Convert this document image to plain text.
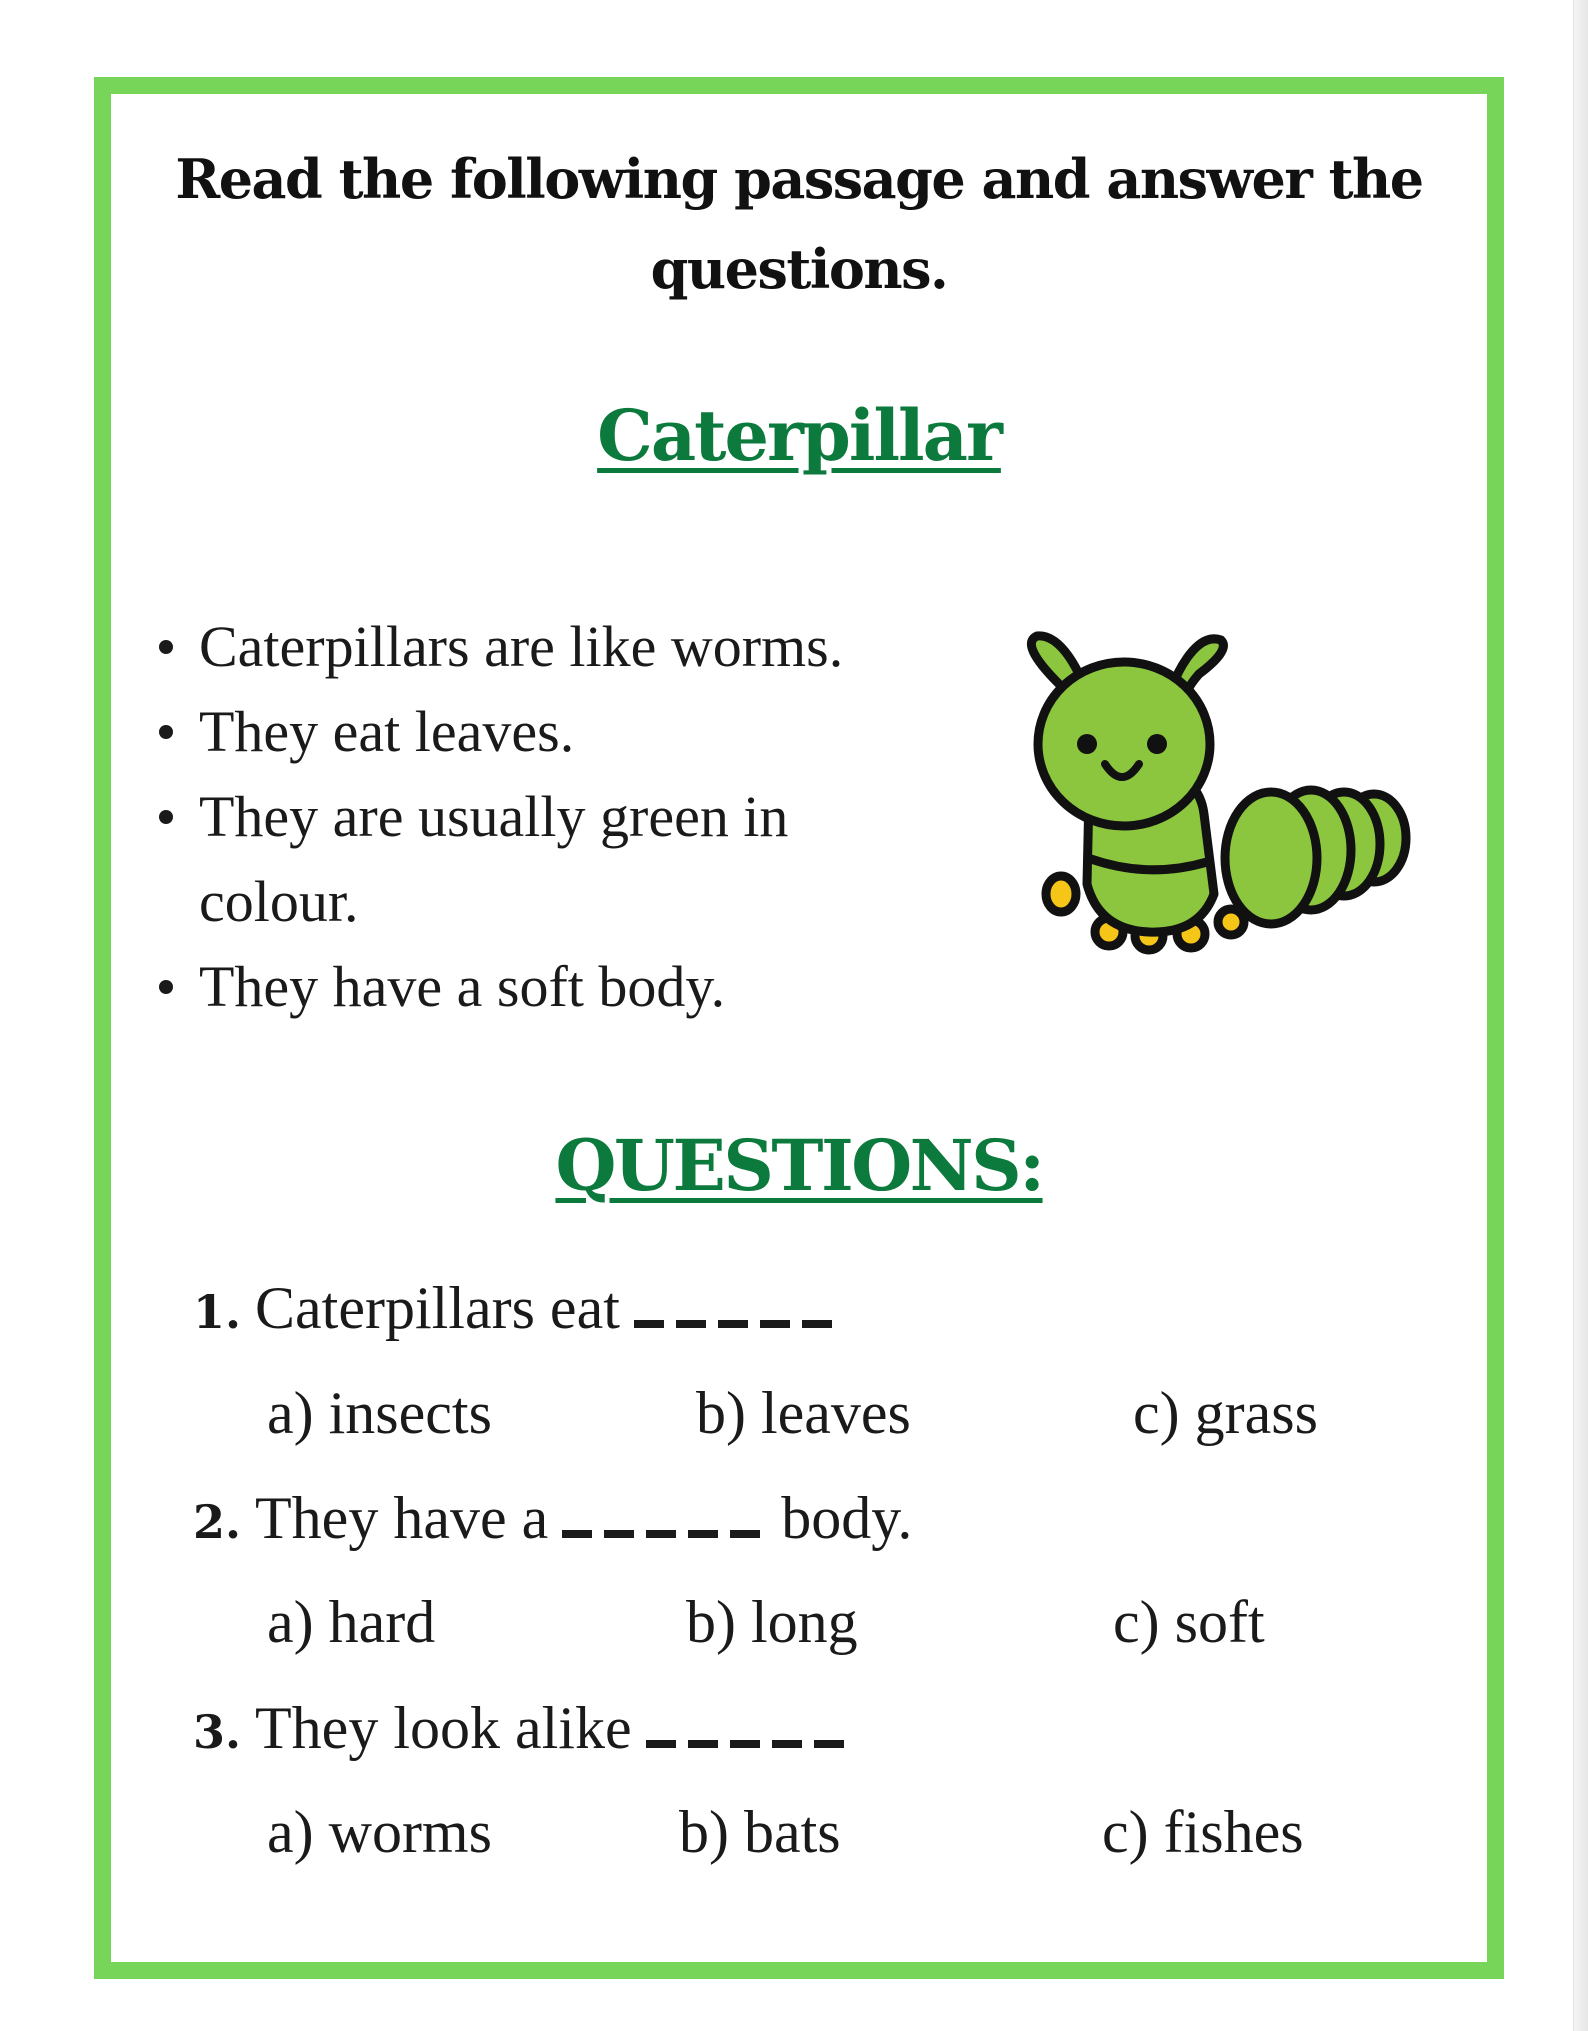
Read the following passage and answer the questions.
Caterpillar
Caterpillars are like worms.
They eat leaves.
They are usually green in colour.
They have a soft body.
QUESTIONS:
1. Caterpillars eat
a) insects	b) leaves	c) grass
2. They have a	body.
a) hard	b) long	c) soft
3. They look alike
a) worms	b) bats	c) fishes
